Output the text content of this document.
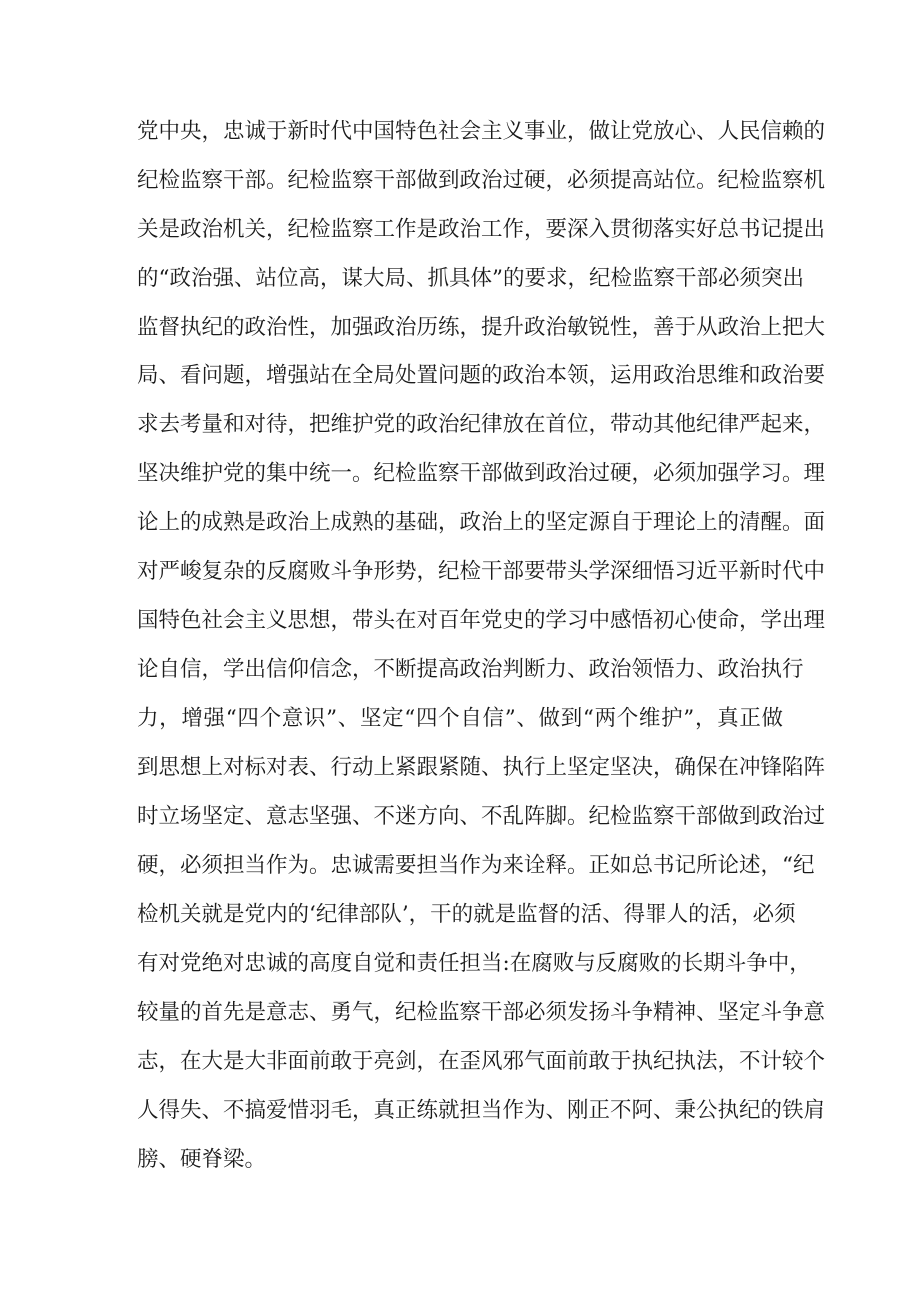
党中央，忠诚于新时代中国特色社会主义事业，做让党放心、人民信赖的
纪检监察干部。纪检监察干部做到政治过硬，必须提高站位。纪检监察机
关是政治机关，纪检监察工作是政治工作，要深入贯彻落实好总书记提出
的“政治强、站位高，谋大局、抓具体”的要求，纪检监察干部必须突出
监督执纪的政治性，加强政治历练，提升政治敏锐性，善于从政治上把大
局、看问题，增强站在全局处置问题的政治本领，运用政治思维和政治要
求去考量和对待，把维护党的政治纪律放在首位，带动其他纪律严起来，
坚决维护党的集中统一。纪检监察干部做到政治过硬，必须加强学习。理
论上的成熟是政治上成熟的基础，政治上的坚定源自于理论上的清醒。面
对严峻复杂的反腐败斗争形势，纪检干部要带头学深细悟习近平新时代中
国特色社会主义思想，带头在对百年党史的学习中感悟初心使命，学出理
论自信，学出信仰信念，不断提高政治判断力、政治领悟力、政治执行
力，增强“四个意识”、坚定“四个自信”、做到“两个维护”，真正做
到思想上对标对表、行动上紧跟紧随、执行上坚定坚决，确保在冲锋陷阵
时立场坚定、意志坚强、不迷方向、不乱阵脚。纪检监察干部做到政治过
硬，必须担当作为。忠诚需要担当作为来诠释。正如总书记所论述，“纪
检机关就是党内的‘纪律部队’，干的就是监督的活、得罪人的活，必须
有对党绝对忠诚的高度自觉和责任担当:在腐败与反腐败的长期斗争中，
较量的首先是意志、勇气，纪检监察干部必须发扬斗争精神、坚定斗争意
志，在大是大非面前敢于亮剑，在歪风邪气面前敢于执纪执法，不计较个
人得失、不搞爱惜羽毛，真正练就担当作为、刚正不阿、秉公执纪的铁肩
膀、硬脊梁。
